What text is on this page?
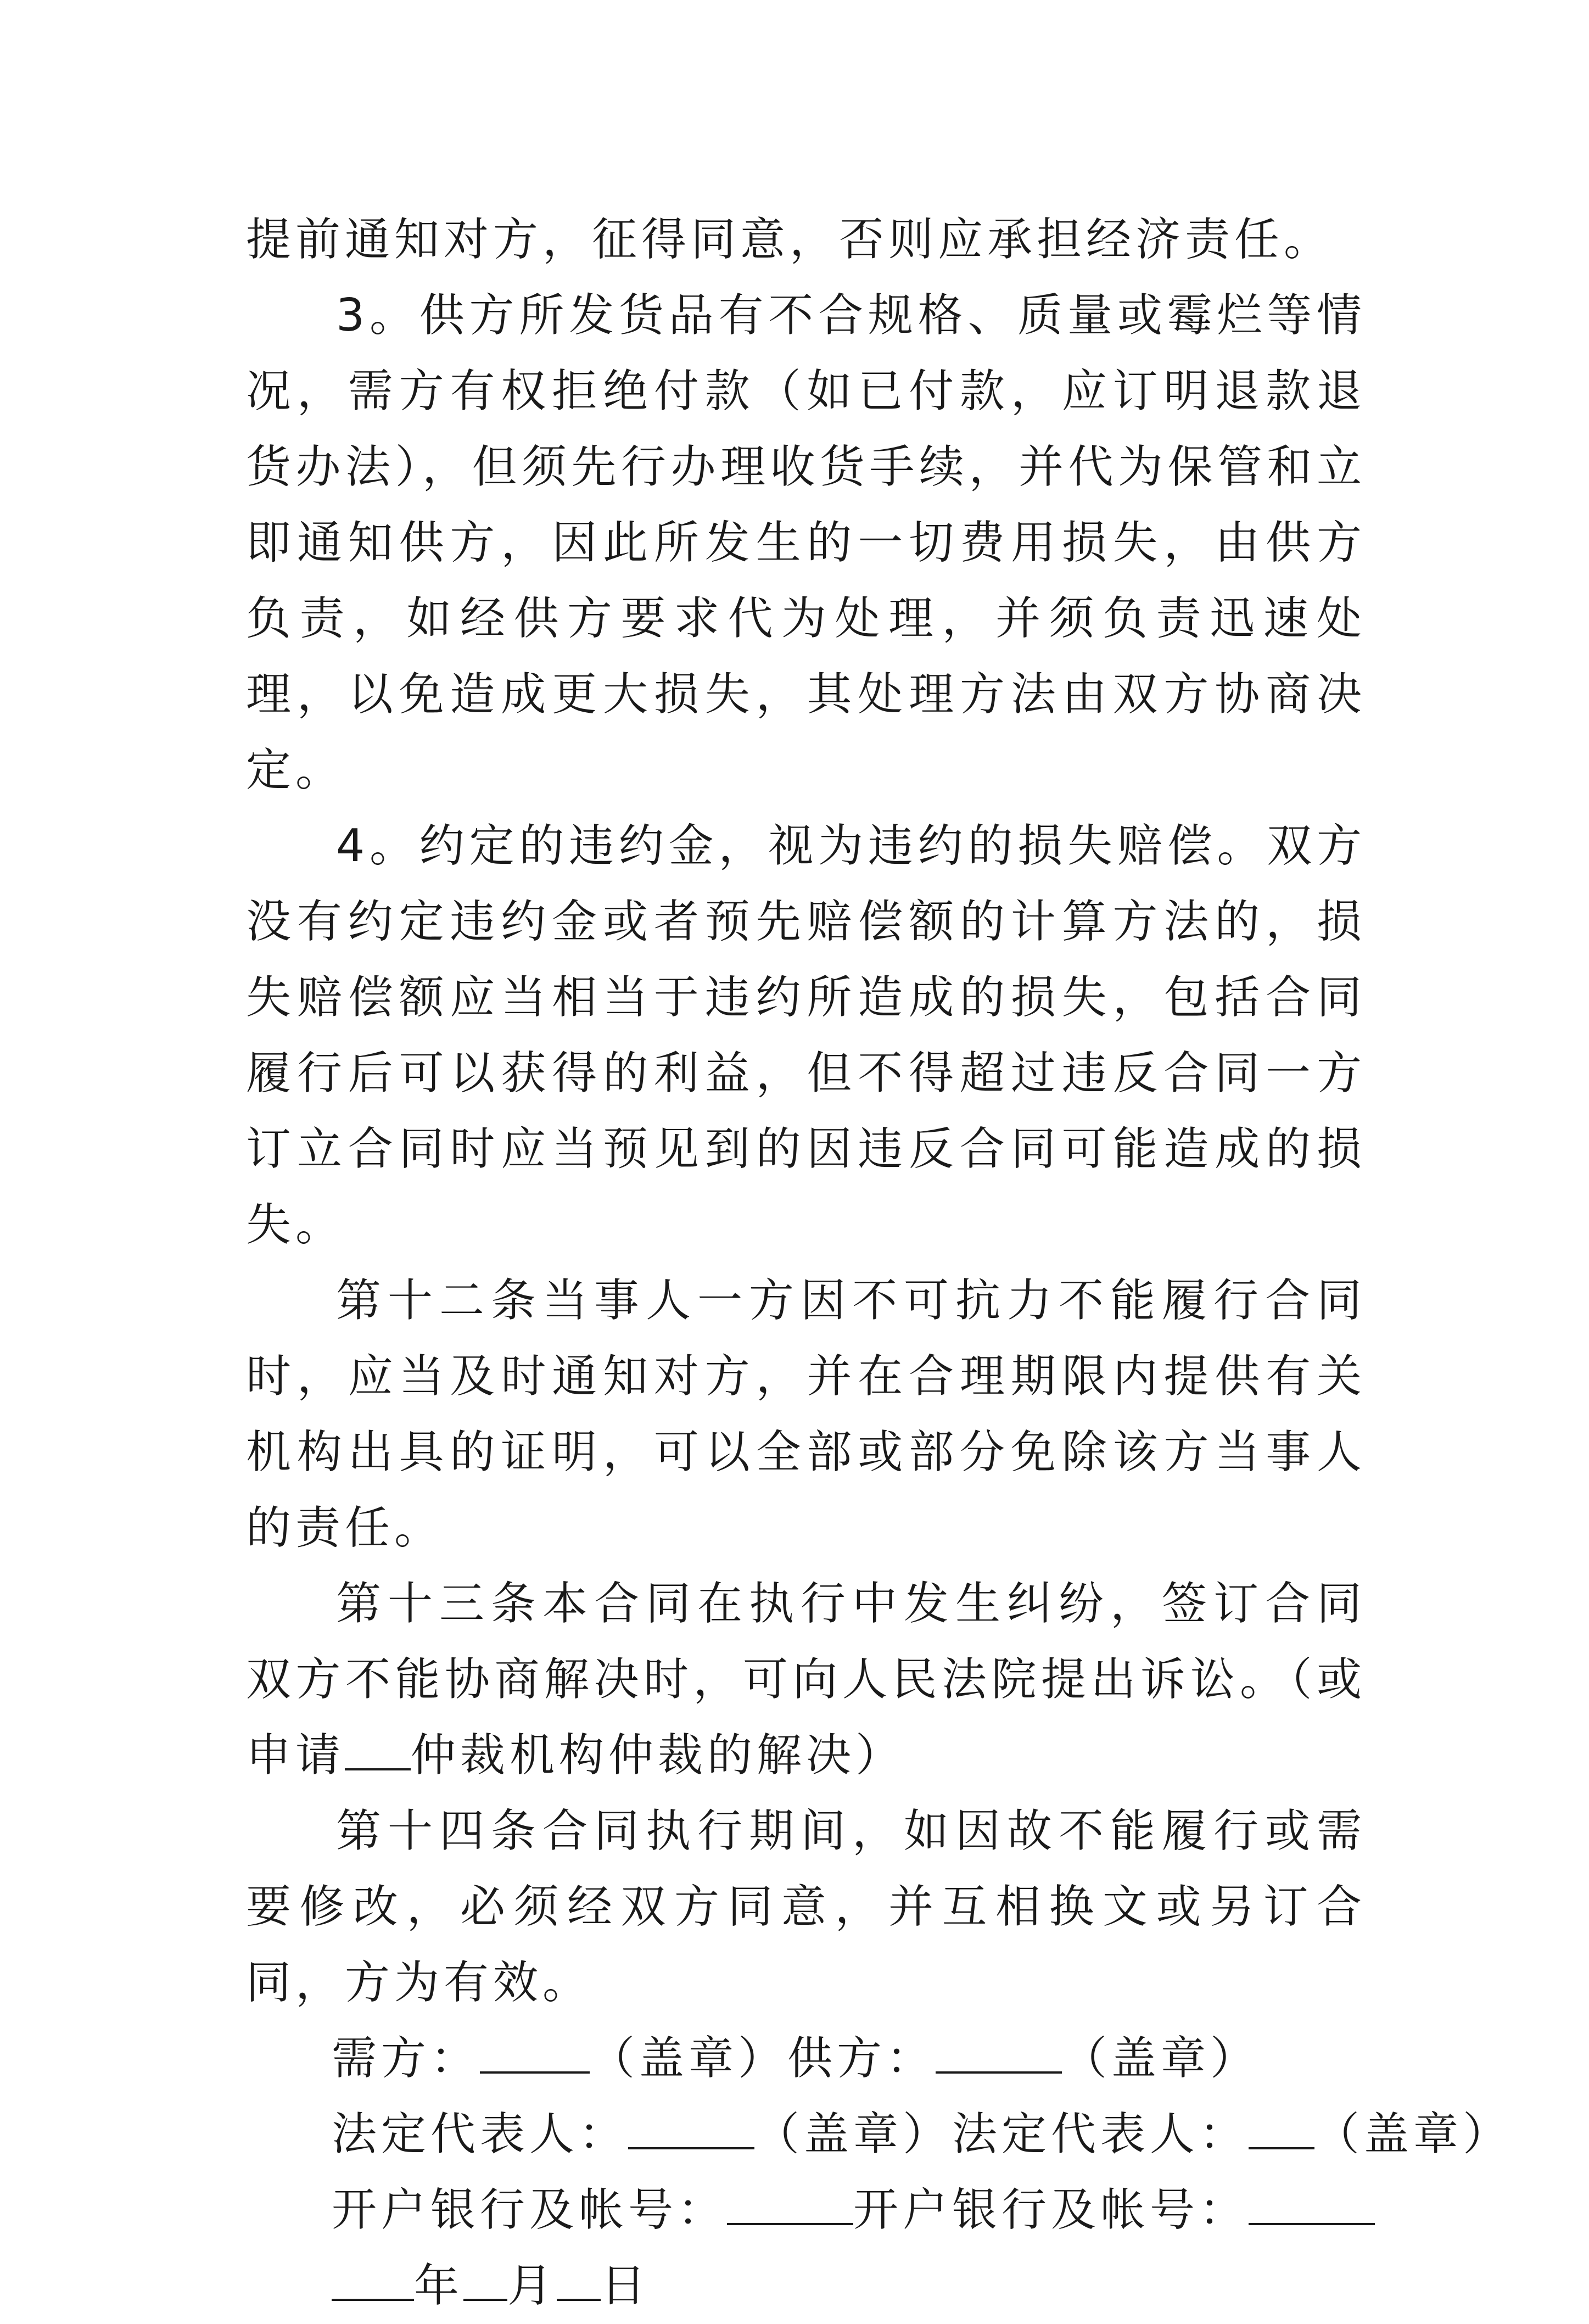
提前通知对方，征得同意，否则应承担经济责任。

3。供方所发货品有不合规格、质量或霉烂等情况，需方有权拒绝付款（如已付款，应订明退款退货办法），但须先行办理收货手续，并代为保管和立即通知供方，因此所发生的一切费用损失，由供方负责，如经供方要求代为处理，并须负责迅速处理，以免造成更大损失，其处理方法由双方协商决定。

4。约定的违约金，视为违约的损失赔偿。双方没有约定违约金或者预先赔偿额的计算方法的，损失赔偿额应当相当于违约所造成的损失，包括合同履行后可以获得的利益，但不得超过违反合同一方订立合同时应当预见到的因违反合同可能造成的损失。

第十二条当事人一方因不可抗力不能履行合同时，应当及时通知对方，并在合理期限内提供有关机构出具的证明，可以全部或部分免除该方当事人的责任。

第十三条本合同在执行中发生纠纷，签订合同双方不能协商解决时，可向人民法院提出诉讼。（或申请 仲裁机构仲裁的解决）

第十四条合同执行期间，如因故不能履行或需要修改，必须经双方同意，并互相换文或另订合同，方为有效。

需方： （盖章）供方：	（盖章）

法定代表人：	（盖章）法定代表人： （盖章）

开户银行及帐号：	开户银行及帐号：

年 月 日
